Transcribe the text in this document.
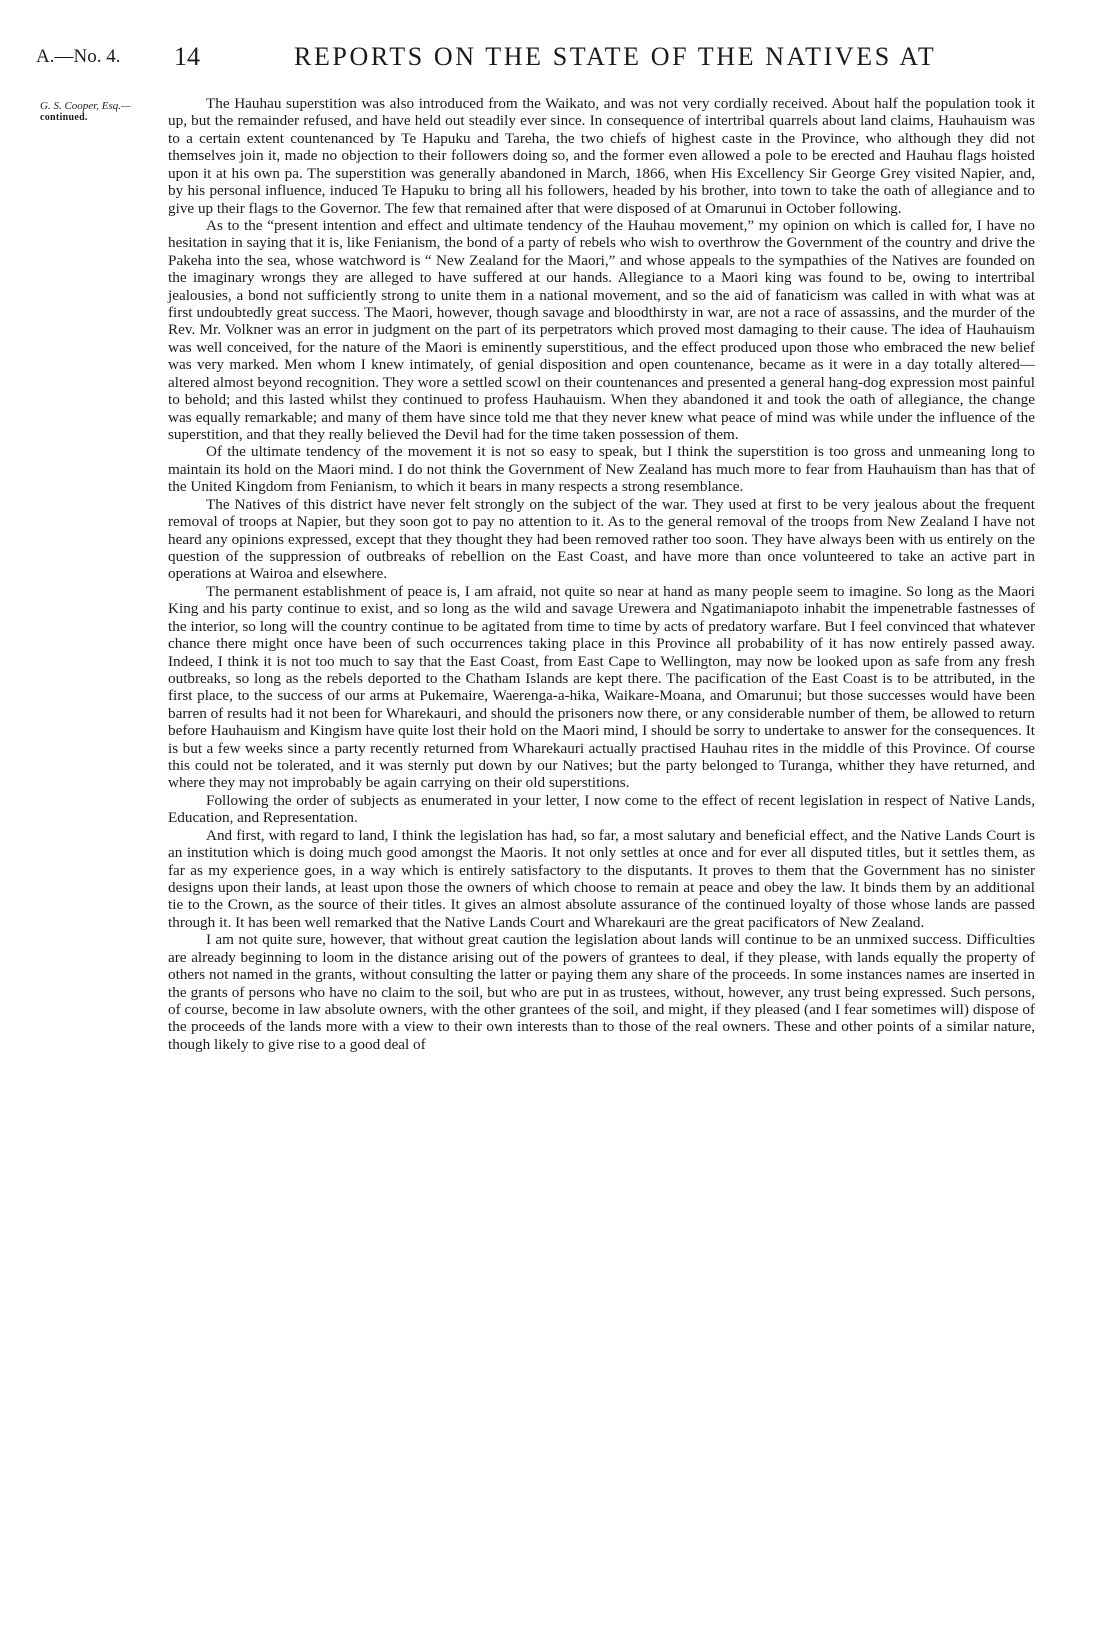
A.—No. 4. 14	REPORTS ON THE STATE OF THE NATIVES AT
G. S. Cooper, Esq.—
continued.

The Hauhau superstition was also introduced from the Waikato, and was not very cordially received. About half the population took it up, but the remainder refused, and have held out steadily ever since. In consequence of intertribal quarrels about land claims, Hauhauism was to a certain extent countenanced by Te Hapuku and Tareha, the two chiefs of highest caste in the Province, who although they did not themselves join it, made no objection to their followers doing so, and the former even allowed a pole to be erected and Hauhau flags hoisted upon it at his own pa. The superstition was generally abandoned in March, 1866, when His Excellency Sir George Grey visited Napier, and, by his personal influence, induced Te Hapuku to bring all his followers, headed by his brother, into town to take the oath of allegiance and to give up their flags to the Governor. The few that remained after that were disposed of at Omarunui in October following.

As to the “present intention and effect and ultimate tendency of the Hauhau movement,” my opinion on which is called for, I have no hesitation in saying that it is, like Fenianism, the bond of a party of rebels who wish to overthrow the Government of the country and drive the Pakeha into the sea, whose watchword is “ New Zealand for the Maori,” and whose appeals to the sympathies of the Natives are founded on the imaginary wrongs they are alleged to have suffered at our hands. Allegiance to a Maori king was found to be, owing to intertribal jealousies, a bond not sufficiently strong to unite them in a national movement, and so the aid of fanaticism was called in with what was at first undoubtedly great success. The Maori, however, though savage and bloodthirsty in war, are not a race of assassins, and the murder of the Rev. Mr. Volkner was an error in judgment on the part of its perpetrators which proved most damaging to their cause. The idea of Hauhauism was well conceived, for the nature of the Maori is eminently superstitious, and the effect produced upon those who embraced the new belief was very marked. Men whom I knew intimately, of genial disposition and open countenance, became as it were in a day totally altered—altered almost beyond recognition. They wore a settled scowl on their countenances and presented a general hang-dog expression most painful to behold; and this lasted whilst they continued to profess Hauhauism. When they abandoned it and took the oath of allegiance, the change was equally remarkable; and many of them have since told me that they never knew what peace of mind was while under the influence of the superstition, and that they really believed the Devil had for the time taken possession of them.

Of the ultimate tendency of the movement it is not so easy to speak, but I think the superstition is too gross and unmeaning long to maintain its hold on the Maori mind. I do not think the Government of New Zealand has much more to fear from Hauhauism than has that of the United Kingdom from Fenianism, to which it bears in many respects a strong resemblance.

The Natives of this district have never felt strongly on the subject of the war. They used at first to be very jealous about the frequent removal of troops at Napier, but they soon got to pay no attention to it. As to the general removal of the troops from New Zealand I have not heard any opinions expressed, except that they thought they had been removed rather too soon. They have always been with us entirely on the question of the suppression of outbreaks of rebellion on the East Coast, and have more than once volunteered to take an active part in operations at Wairoa and elsewhere.

The permanent establishment of peace is, I am afraid, not quite so near at hand as many people seem to imagine. So long as the Maori King and his party continue to exist, and so long as the wild and savage Urewera and Ngatimaniapoto inhabit the impenetrable fastnesses of the interior, so long will the country continue to be agitated from time to time by acts of predatory warfare. But I feel convinced that whatever chance there might once have been of such occurrences taking place in this Province all probability of it has now entirely passed away. Indeed, I think it is not too much to say that the East Coast, from East Cape to Wellington, may now be looked upon as safe from any fresh outbreaks, so long as the rebels deported to the Chatham Islands are kept there. The pacification of the East Coast is to be attributed, in the first place, to the success of our arms at Pukemaire, Waerenga-a-hika, Waikare-Moana, and Omarunui; but those successes would have been barren of results had it not been for Wharekauri, and should the prisoners now there, or any considerable number of them, be allowed to return before Hauhauism and Kingism have quite lost their hold on the Maori mind, I should be sorry to undertake to answer for the consequences. It is but a few weeks since a party recently returned from Wharekauri actually practised Hauhau rites in the middle of this Province. Of course this could not be tolerated, and it was sternly put down by our Natives; but the party belonged to Turanga, whither they have returned, and where they may not improbably be again carrying on their old superstitions.

Following the order of subjects as enumerated in your letter, I now come to the effect of recent legislation in respect of Native Lands, Education, and Representation.

And first, with regard to land, I think the legislation has had, so far, a most salutary and beneficial effect, and the Native Lands Court is an institution which is doing much good amongst the Maoris. It not only settles at once and for ever all disputed titles, but it settles them, as far as my experience goes, in a way which is entirely satisfactory to the disputants. It proves to them that the Government has no sinister designs upon their lands, at least upon those the owners of which choose to remain at peace and obey the law. It binds them by an additional tie to the Crown, as the source of their titles. It gives an almost absolute assurance of the continued loyalty of those whose lands are passed through it. It has been well remarked that the Native Lands Court and Wharekauri are the great pacificators of New Zealand.

I am not quite sure, however, that without great caution the legislation about lands will continue to be an unmixed success. Difficulties are already beginning to loom in the distance arising out of the powers of grantees to deal, if they please, with lands equally the property of others not named in the grants, without consulting the latter or paying them any share of the proceeds. In some instances names are inserted in the grants of persons who have no claim to the soil, but who are put in as trustees, without, however, any trust being expressed. Such persons, of course, become in law absolute owners, with the other grantees of the soil, and might, if they pleased (and I fear sometimes will) dispose of the proceeds of the lands more with a view to their own interests than to those of the real owners. These and other points of a similar nature, though likely to give rise to a good deal of
